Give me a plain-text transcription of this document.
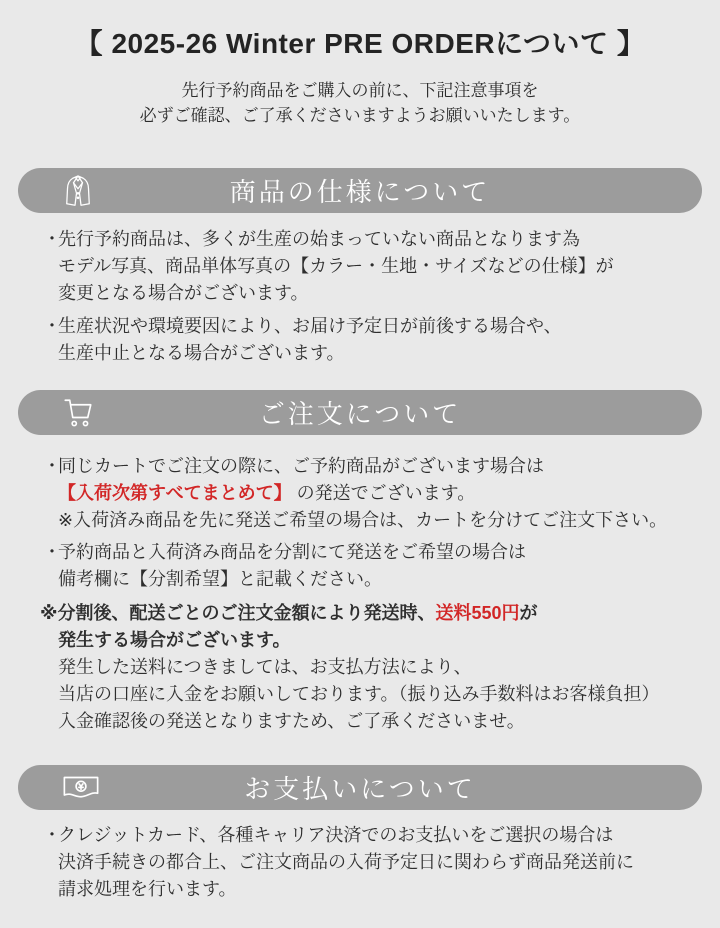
【 2025-26 Winter PRE ORDERについて 】
先行予約商品をご購入の前に、下記注意事項を
必ずご確認、ご了承くださいますようお願いいたします。
商品の仕様について
・
先行予約商品は、多くが生産の始まっていない商品となります為
モデル写真、商品単体写真の【カラー・生地・サイズなどの仕様】が
変更となる場合がございます。
・
生産状況や環境要因により、お届け予定日が前後する場合や、
生産中止となる場合がございます。
ご注文について
・
同じカートでご注文の際に、ご予約商品がございます場合は
【入荷次第すべてまとめて】 の発送でございます。
※入荷済み商品を先に発送ご希望の場合は、カートを分けてご注文下さい。
・
予約商品と入荷済み商品を分割にて発送をご希望の場合は
備考欄に【分割希望】と記載ください。
※分割後、配送ごとのご注文金額により発送時、送料550円が
発生する場合がございます。
発生した送料につきましては、お支払方法により、
当店の口座に入金をお願いしております。（振り込み手数料はお客様負担）
入金確認後の発送となりますため、ご了承くださいませ。
お支払いについて
・
クレジットカード、各種キャリア決済でのお支払いをご選択の場合は
決済手続きの都合上、ご注文商品の入荷予定日に関わらず商品発送前に
請求処理を行います。
